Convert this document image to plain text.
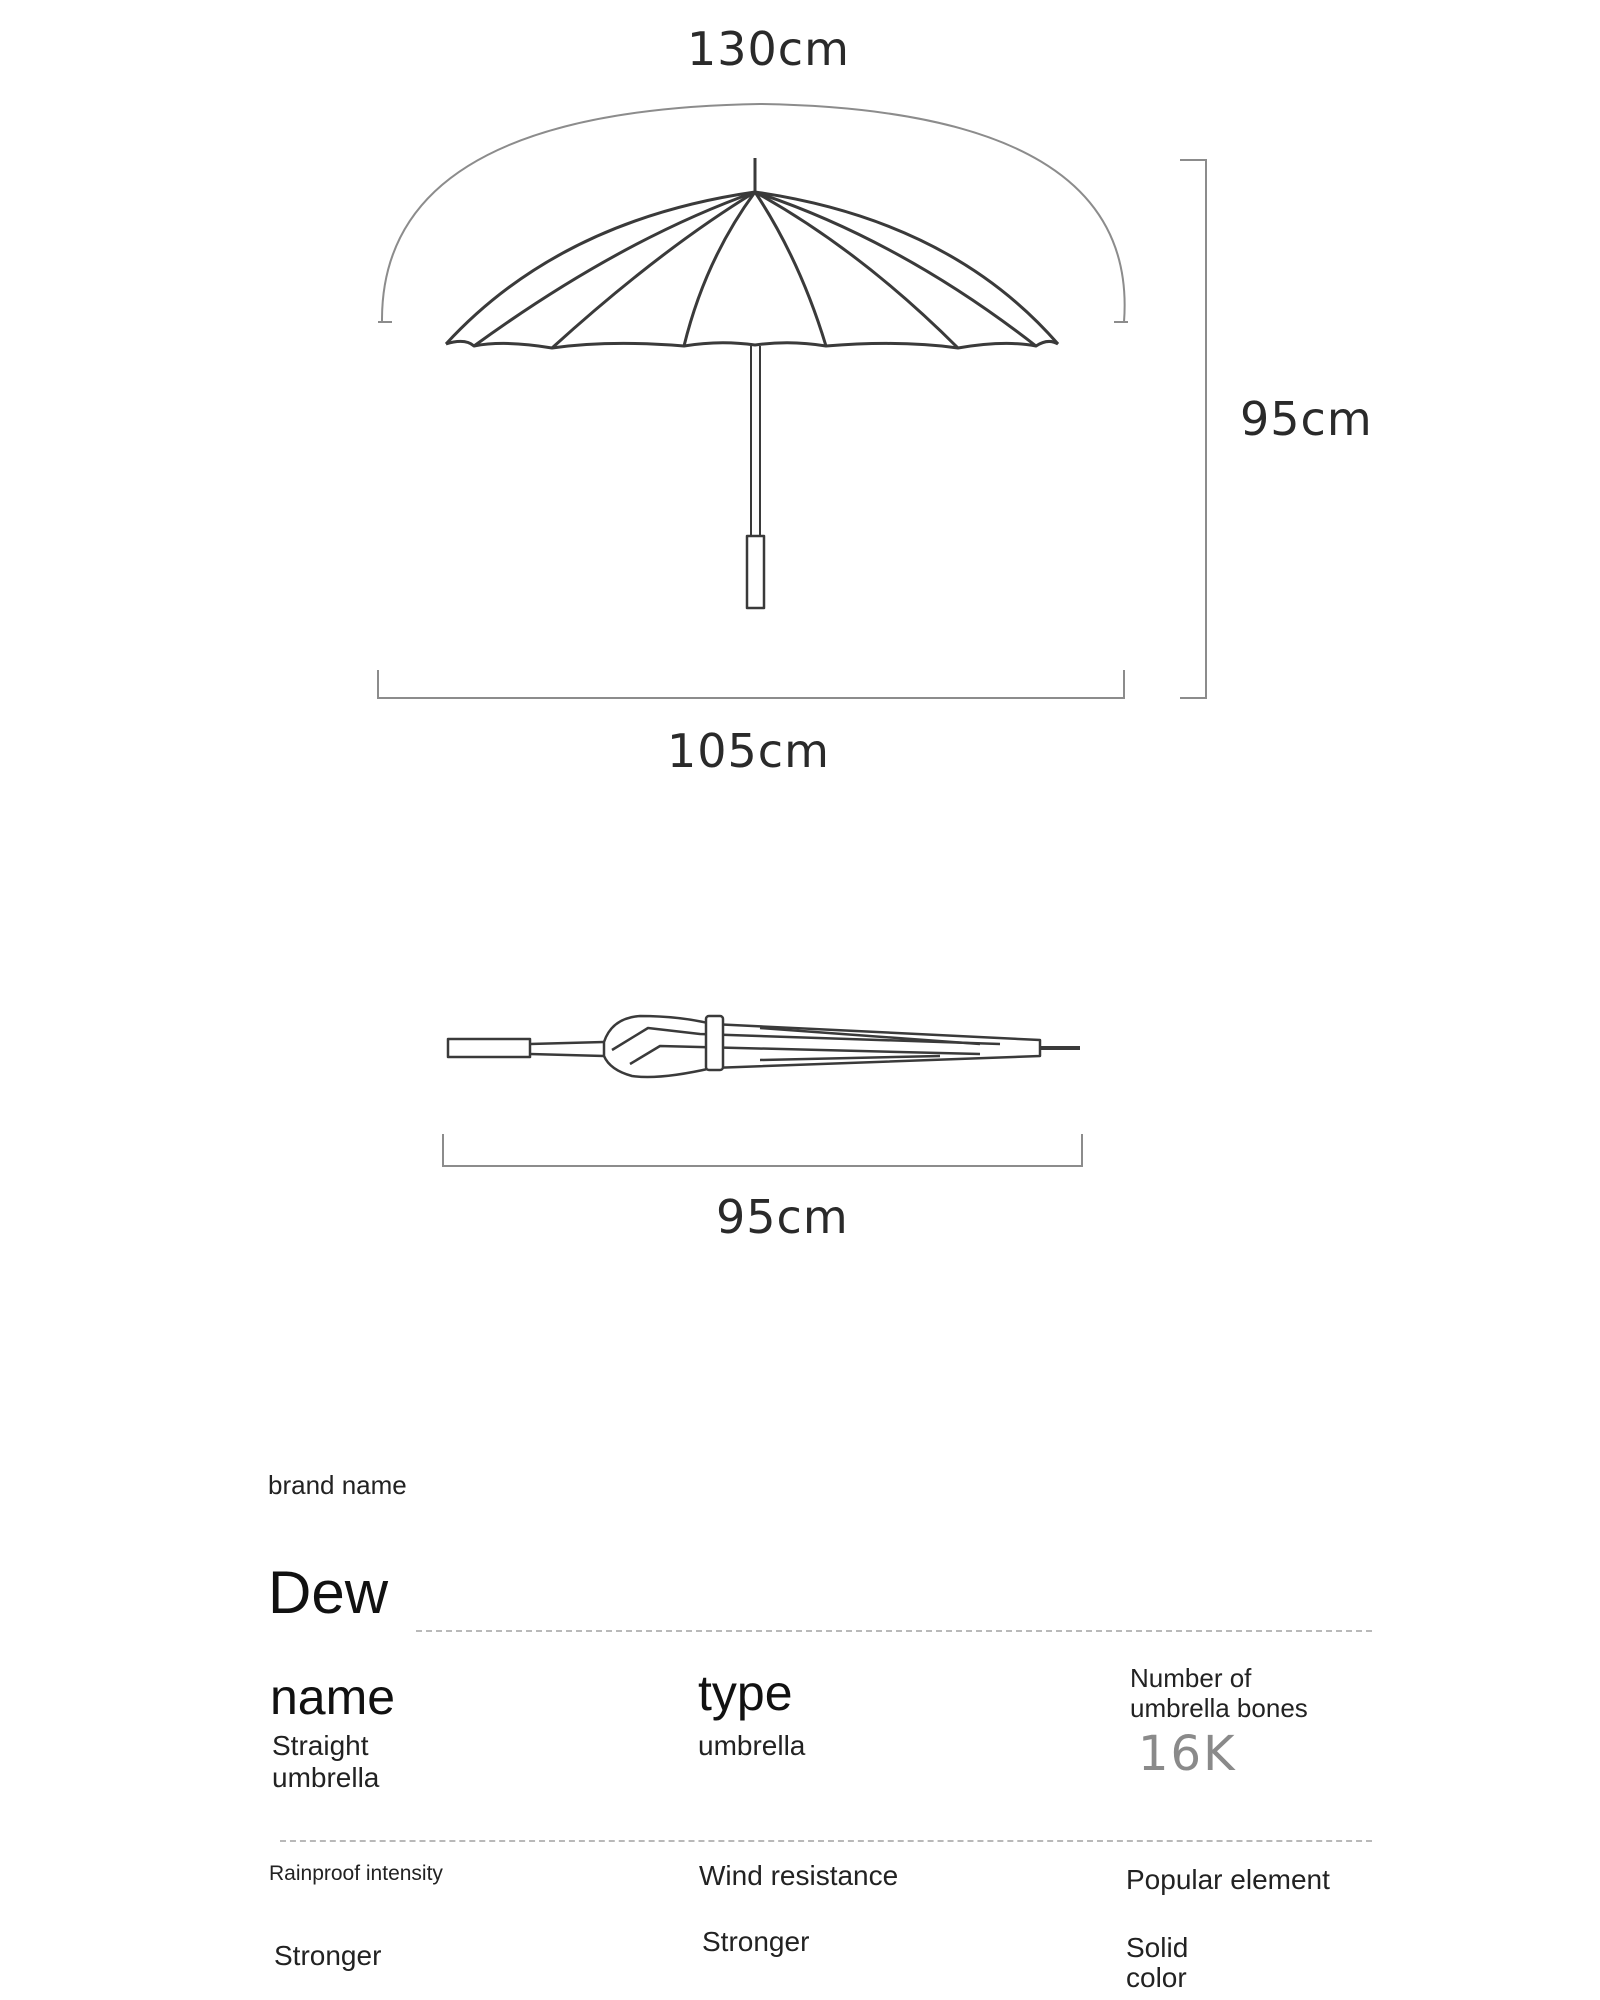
130cm
95cm
105cm
95cm
brand name
Dew
name
Straight
umbrella
type
umbrella
Number of
umbrella bones
16K
Rainproof intensity
Stronger
Wind resistance
Stronger
Popular element
Solid
color
